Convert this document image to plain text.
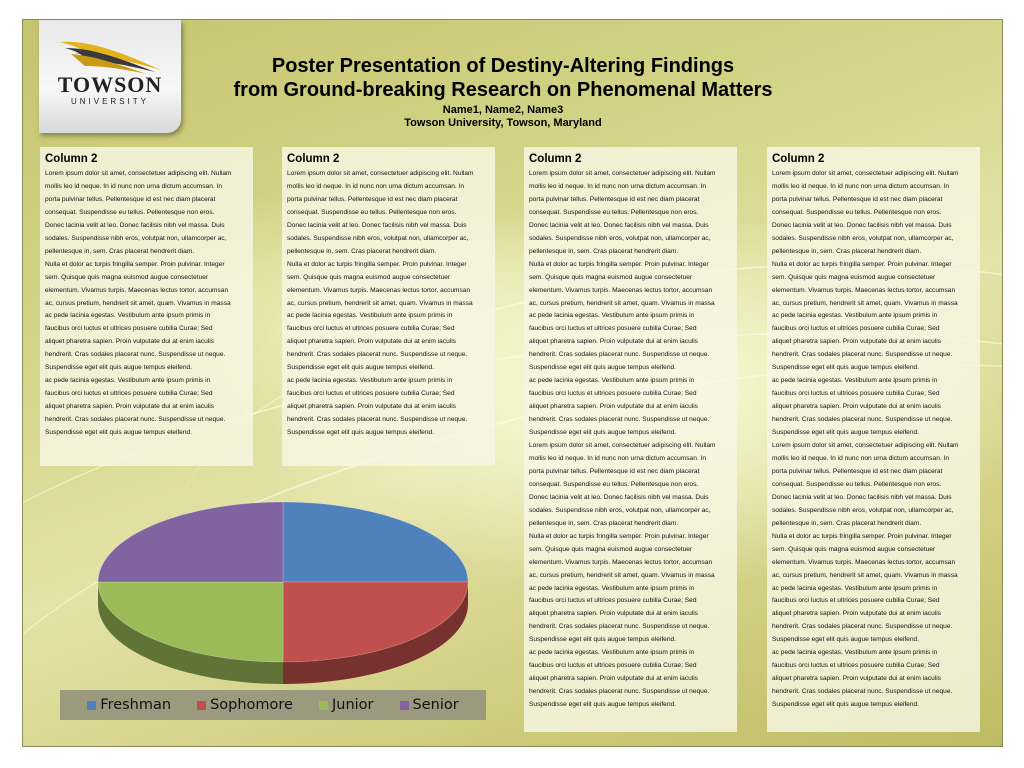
TOWSON
UNIVERSITY
Poster Presentation of Destiny-Altering Findings
from Ground-breaking Research on Phenomenal Matters
Name1, Name2, Name3
Towson University, Towson, Maryland
Column 2

Lorem ipsum dolor sit amet, consectetuer adipiscing elit. Nullam
mollis leo id neque. In id nunc non urna dictum accumsan. In
porta pulvinar tellus. Pellentesque id est nec diam placerat
consequat. Suspendisse eu tellus. Pellentesque non eros.
Donec lacinia velit at leo. Donec facilisis nibh vel massa. Duis
sodales. Suspendisse nibh eros, volutpat non, ullamcorper ac,
pellentesque in, sem. Cras placerat hendrerit diam.
Nulla et dolor ac turpis fringilla semper. Proin pulvinar. Integer
sem. Quisque quis magna euismod augue consectetuer
elementum. Vivamus turpis. Maecenas lectus tortor, accumsan
ac, cursus pretium, hendrerit sit amet, quam. Vivamus in massa
ac pede lacinia egestas. Vestibulum ante ipsum primis in
faucibus orci luctus et ultrices posuere cubilia Curae; Sed
aliquet pharetra sapien. Proin vulputate dui at enim iaculis
hendrerit. Cras sodales placerat nunc. Suspendisse ut neque.
Suspendisse eget elit quis augue tempus eleifend.
ac pede lacinia egestas. Vestibulum ante ipsum primis in
faucibus orci luctus et ultrices posuere cubilia Curae; Sed
aliquet pharetra sapien. Proin vulputate dui at enim iaculis
hendrerit. Cras sodales placerat nunc. Suspendisse ut neque.
Suspendisse eget elit quis augue tempus eleifend.

Column 2

Lorem ipsum dolor sit amet, consectetuer adipiscing elit. Nullam
mollis leo id neque. In id nunc non urna dictum accumsan. In
porta pulvinar tellus. Pellentesque id est nec diam placerat
consequat. Suspendisse eu tellus. Pellentesque non eros.
Donec lacinia velit at leo. Donec facilisis nibh vel massa. Duis
sodales. Suspendisse nibh eros, volutpat non, ullamcorper ac,
pellentesque in, sem. Cras placerat hendrerit diam.
Nulla et dolor ac turpis fringilla semper. Proin pulvinar. Integer
sem. Quisque quis magna euismod augue consectetuer
elementum. Vivamus turpis. Maecenas lectus tortor, accumsan
ac, cursus pretium, hendrerit sit amet, quam. Vivamus in massa
ac pede lacinia egestas. Vestibulum ante ipsum primis in
faucibus orci luctus et ultrices posuere cubilia Curae; Sed
aliquet pharetra sapien. Proin vulputate dui at enim iaculis
hendrerit. Cras sodales placerat nunc. Suspendisse ut neque.
Suspendisse eget elit quis augue tempus eleifend.
ac pede lacinia egestas. Vestibulum ante ipsum primis in
faucibus orci luctus et ultrices posuere cubilia Curae; Sed
aliquet pharetra sapien. Proin vulputate dui at enim iaculis
hendrerit. Cras sodales placerat nunc. Suspendisse ut neque.
Suspendisse eget elit quis augue tempus eleifend.

Column 2

Lorem ipsum dolor sit amet, consectetuer adipiscing elit. Nullam
mollis leo id neque. In id nunc non urna dictum accumsan. In
porta pulvinar tellus. Pellentesque id est nec diam placerat
consequat. Suspendisse eu tellus. Pellentesque non eros.
Donec lacinia velit at leo. Donec facilisis nibh vel massa. Duis
sodales. Suspendisse nibh eros, volutpat non, ullamcorper ac,
pellentesque in, sem. Cras placerat hendrerit diam.
Nulla et dolor ac turpis fringilla semper. Proin pulvinar. Integer
sem. Quisque quis magna euismod augue consectetuer
elementum. Vivamus turpis. Maecenas lectus tortor, accumsan
ac, cursus pretium, hendrerit sit amet, quam. Vivamus in massa
ac pede lacinia egestas. Vestibulum ante ipsum primis in
faucibus orci luctus et ultrices posuere cubilia Curae; Sed
aliquet pharetra sapien. Proin vulputate dui at enim iaculis
hendrerit. Cras sodales placerat nunc. Suspendisse ut neque.
Suspendisse eget elit quis augue tempus eleifend.
ac pede lacinia egestas. Vestibulum ante ipsum primis in
faucibus orci luctus et ultrices posuere cubilia Curae; Sed
aliquet pharetra sapien. Proin vulputate dui at enim iaculis
hendrerit. Cras sodales placerat nunc. Suspendisse ut neque.
Suspendisse eget elit quis augue tempus eleifend.
Lorem ipsum dolor sit amet, consectetuer adipiscing elit. Nullam
mollis leo id neque. In id nunc non urna dictum accumsan. In
porta pulvinar tellus. Pellentesque id est nec diam placerat
consequat. Suspendisse eu tellus. Pellentesque non eros.
Donec lacinia velit at leo. Donec facilisis nibh vel massa. Duis
sodales. Suspendisse nibh eros, volutpat non, ullamcorper ac,
pellentesque in, sem. Cras placerat hendrerit diam.
Nulla et dolor ac turpis fringilla semper. Proin pulvinar. Integer
sem. Quisque quis magna euismod augue consectetuer
elementum. Vivamus turpis. Maecenas lectus tortor, accumsan
ac, cursus pretium, hendrerit sit amet, quam. Vivamus in massa
ac pede lacinia egestas. Vestibulum ante ipsum primis in
faucibus orci luctus et ultrices posuere cubilia Curae; Sed
aliquet pharetra sapien. Proin vulputate dui at enim iaculis
hendrerit. Cras sodales placerat nunc. Suspendisse ut neque.
Suspendisse eget elit quis augue tempus eleifend.
ac pede lacinia egestas. Vestibulum ante ipsum primis in
faucibus orci luctus et ultrices posuere cubilia Curae; Sed
aliquet pharetra sapien. Proin vulputate dui at enim iaculis
hendrerit. Cras sodales placerat nunc. Suspendisse ut neque.
Suspendisse eget elit quis augue tempus eleifend.

Column 2

Lorem ipsum dolor sit amet, consectetuer adipiscing elit. Nullam
mollis leo id neque. In id nunc non urna dictum accumsan. In
porta pulvinar tellus. Pellentesque id est nec diam placerat
consequat. Suspendisse eu tellus. Pellentesque non eros.
Donec lacinia velit at leo. Donec facilisis nibh vel massa. Duis
sodales. Suspendisse nibh eros, volutpat non, ullamcorper ac,
pellentesque in, sem. Cras placerat hendrerit diam.
Nulla et dolor ac turpis fringilla semper. Proin pulvinar. Integer
sem. Quisque quis magna euismod augue consectetuer
elementum. Vivamus turpis. Maecenas lectus tortor, accumsan
ac, cursus pretium, hendrerit sit amet, quam. Vivamus in massa
ac pede lacinia egestas. Vestibulum ante ipsum primis in
faucibus orci luctus et ultrices posuere cubilia Curae; Sed
aliquet pharetra sapien. Proin vulputate dui at enim iaculis
hendrerit. Cras sodales placerat nunc. Suspendisse ut neque.
Suspendisse eget elit quis augue tempus eleifend.
ac pede lacinia egestas. Vestibulum ante ipsum primis in
faucibus orci luctus et ultrices posuere cubilia Curae; Sed
aliquet pharetra sapien. Proin vulputate dui at enim iaculis
hendrerit. Cras sodales placerat nunc. Suspendisse ut neque.
Suspendisse eget elit quis augue tempus eleifend.
Lorem ipsum dolor sit amet, consectetuer adipiscing elit. Nullam
mollis leo id neque. In id nunc non urna dictum accumsan. In
porta pulvinar tellus. Pellentesque id est nec diam placerat
consequat. Suspendisse eu tellus. Pellentesque non eros.
Donec lacinia velit at leo. Donec facilisis nibh vel massa. Duis
sodales. Suspendisse nibh eros, volutpat non, ullamcorper ac,
pellentesque in, sem. Cras placerat hendrerit diam.
Nulla et dolor ac turpis fringilla semper. Proin pulvinar. Integer
sem. Quisque quis magna euismod augue consectetuer
elementum. Vivamus turpis. Maecenas lectus tortor, accumsan
ac, cursus pretium, hendrerit sit amet, quam. Vivamus in massa
ac pede lacinia egestas. Vestibulum ante ipsum primis in
faucibus orci luctus et ultrices posuere cubilia Curae; Sed
aliquet pharetra sapien. Proin vulputate dui at enim iaculis
hendrerit. Cras sodales placerat nunc. Suspendisse ut neque.
Suspendisse eget elit quis augue tempus eleifend.
ac pede lacinia egestas. Vestibulum ante ipsum primis in
faucibus orci luctus et ultrices posuere cubilia Curae; Sed
aliquet pharetra sapien. Proin vulputate dui at enim iaculis
hendrerit. Cras sodales placerat nunc. Suspendisse ut neque.
Suspendisse eget elit quis augue tempus eleifend.

Freshman	Sophomore	Junior	Senior
